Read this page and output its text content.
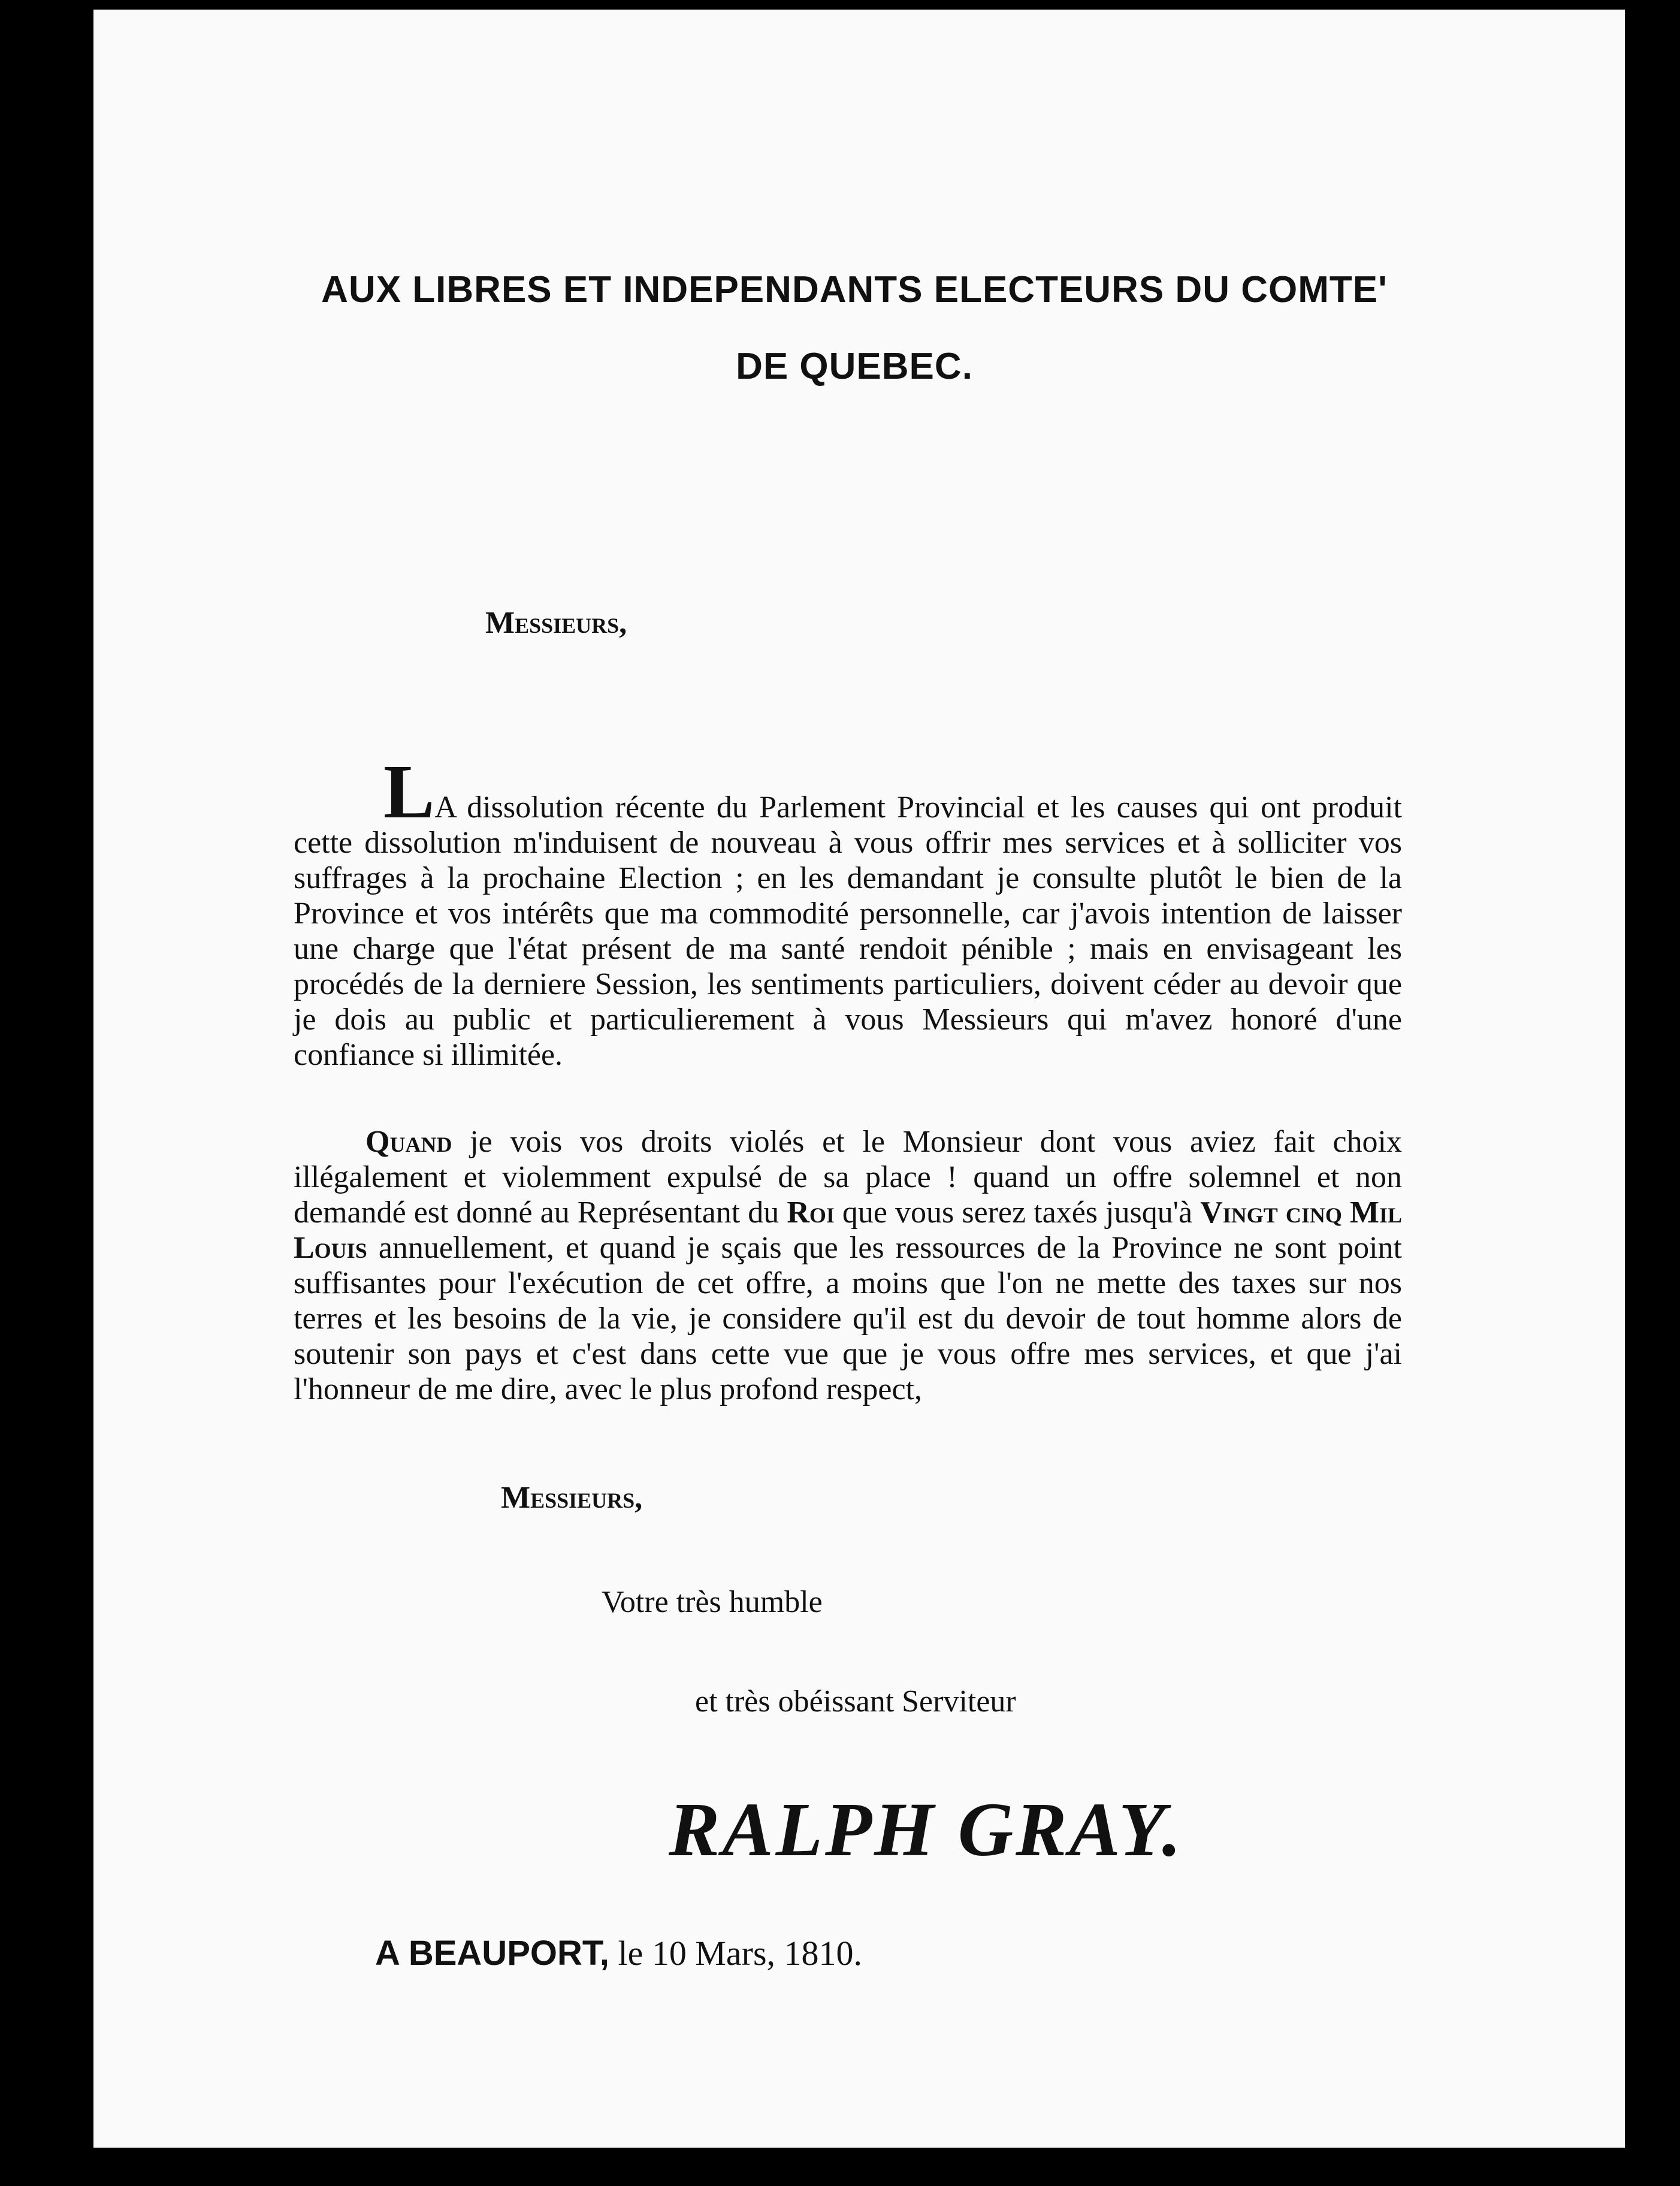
AUX LIBRES ET INDEPENDANTS ELECTEURS DU COMTE'
DE QUEBEC.
Messieurs,
LA dissolution récente du Parlement Provincial et les causes qui ont produit cette dissolution m'induisent de nouveau à vous offrir mes services et à solliciter vos suffrages à la prochaine Election ; en les demandant je consulte plutôt le bien de la Province et vos intérêts que ma commodité personnelle, car j'avois intention de laisser une charge que l'état présent de ma santé rendoit pénible ; mais en envisageant les procédés de la derniere Session, les sentiments particuliers, doivent céder au devoir que je dois au public et particulierement à vous Messieurs qui m'avez honoré d'une confiance si illimitée.
Quand je vois vos droits violés et le Monsieur dont vous aviez fait choix illégalement et violemment expulsé de sa place ! quand un offre solemnel et non demandé est donné au Représentant du Roi que vous serez taxés jusqu'à Vingt cinq Mil Louis annuellement, et quand je sçais que les ressources de la Province ne sont point suffisantes pour l'exécution de cet offre, a moins que l'on ne mette des taxes sur nos terres et les besoins de la vie, je considere qu'il est du devoir de tout homme alors de soutenir son pays et c'est dans cette vue que je vous offre mes services, et que j'ai l'honneur de me dire, avec le plus profond respect,
Messieurs,
Votre très humble
et très obéissant Serviteur
RALPH GRAY.
A BEAUPORT, le 10 Mars, 1810.
